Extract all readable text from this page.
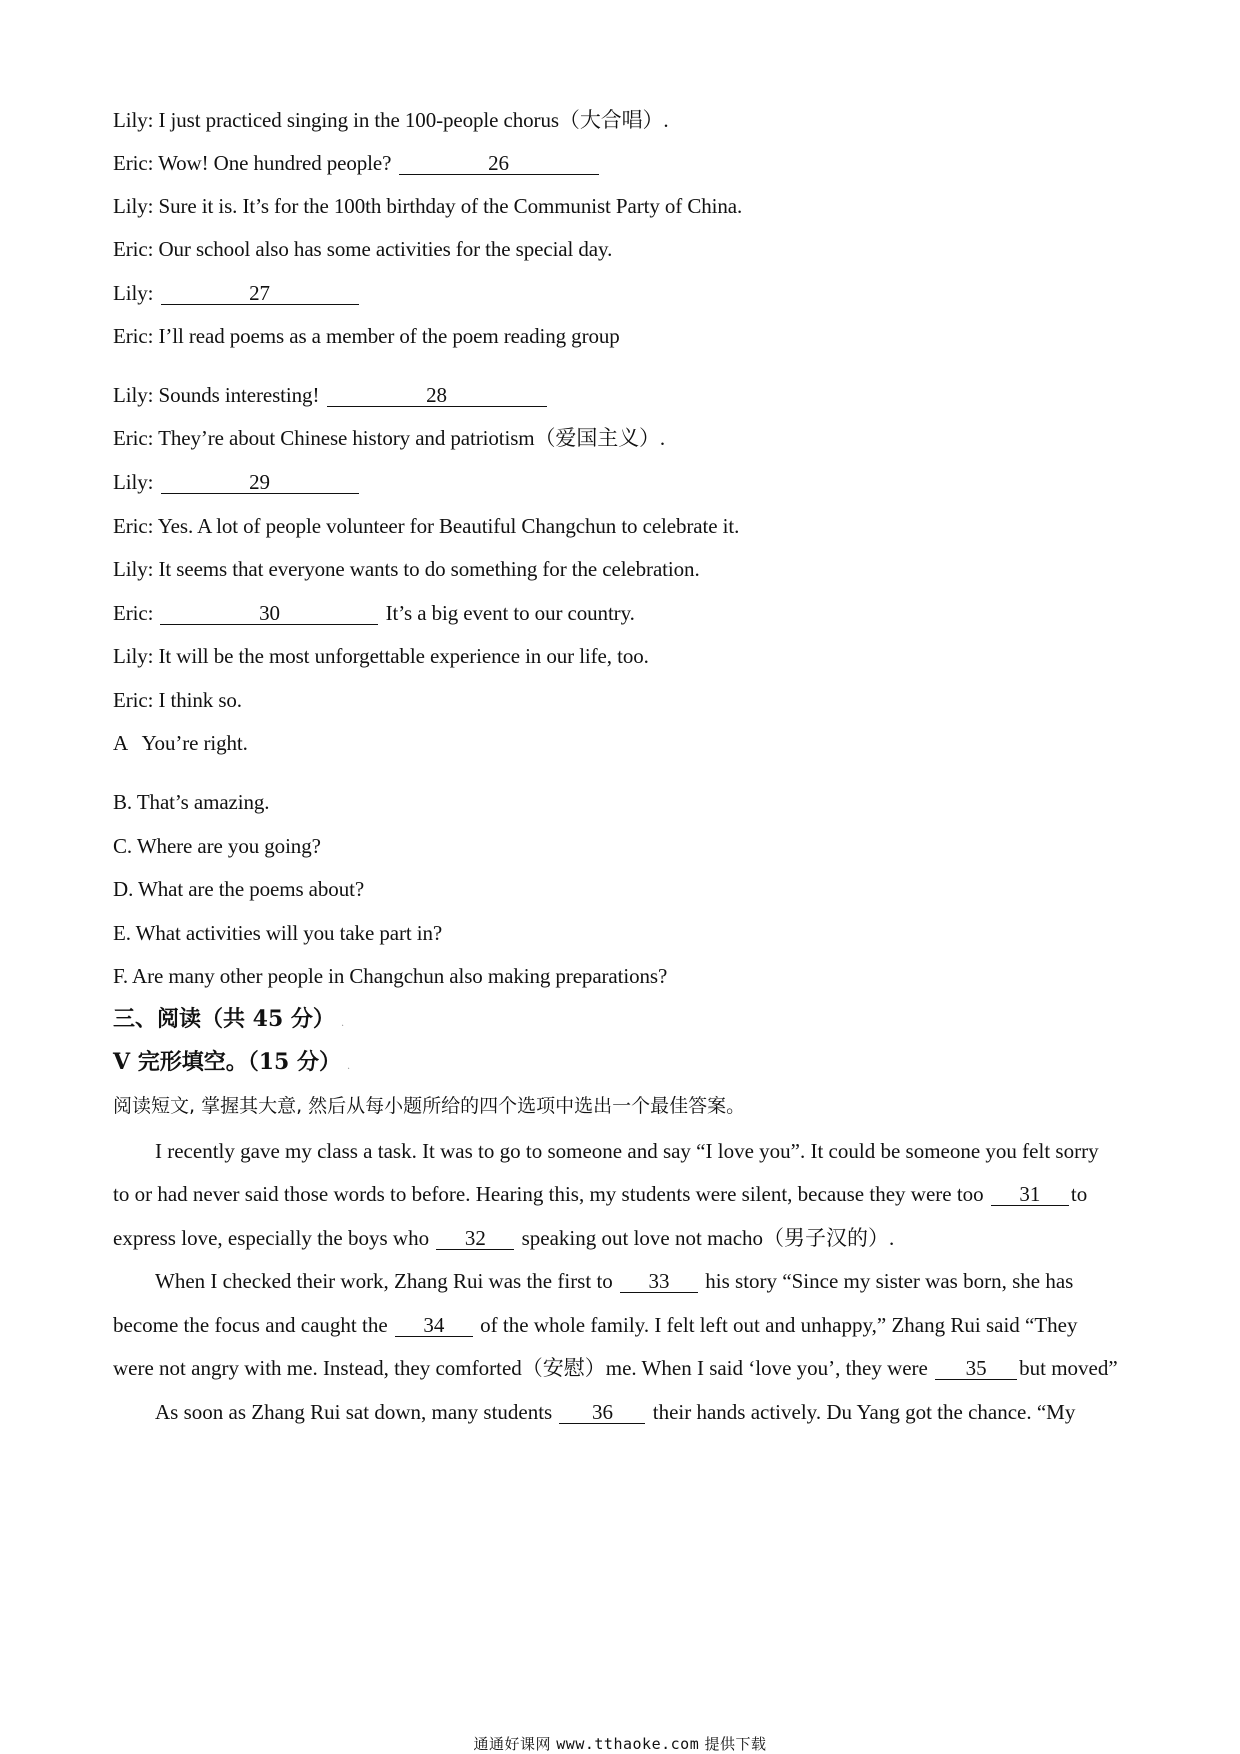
Lily: I just practiced singing in the 100-people chorus（大合唱）.
Eric: Wow! One hundred people?	26
Lily: Sure it is. It’s for the 100th birthday of the Communist Party of China.
Eric: Our school also has some activities for the special day.
Lily:	27
Eric: I’ll read poems as a member of the poem reading group
Lily: Sounds interesting!	28
Eric: They’re about Chinese history and patriotism（爱国主义）.
Lily:	29
Eric: Yes. A lot of people volunteer for Beautiful Changchun to celebrate it.
Lily: It seems that everyone wants to do something for the celebration.
Eric:	30	It’s a big event to our country.
Lily: It will be the most unforgettable experience in our life, too.
Eric: I think so.
A   You’re right.
B. That’s amazing.
C. Where are you going?
D. What are the poems about?
E. What activities will you take part in?
F. Are many other people in Changchun also making preparations?
三、阅读（共 45 分） .
V 完形填空。（15 分） .
阅读短文, 掌握其大意, 然后从每小题所给的四个选项中选出一个最佳答案。
I recently gave my class a task. It was to go to someone and say “I love you”. It could be someone you felt sorry
to or had never said those words to before. Hearing this, my students were silent, because they were too 31 to
express love, especially the boys who 32 speaking out love not macho（男子汉的）.
When I checked their work, Zhang Rui was the first to 33 his story “Since my sister was born, she has
become the focus and caught the 34 of the whole family. I felt left out and unhappy,” Zhang Rui said “They
were not angry with me. Instead, they comforted（安慰）me. When I said ‘love you’, they were 35 but moved”
As soon as Zhang Rui sat down, many students 36 their hands actively. Du Yang got the chance. “My
通通好课网 www.tthaoke.com 提供下载
